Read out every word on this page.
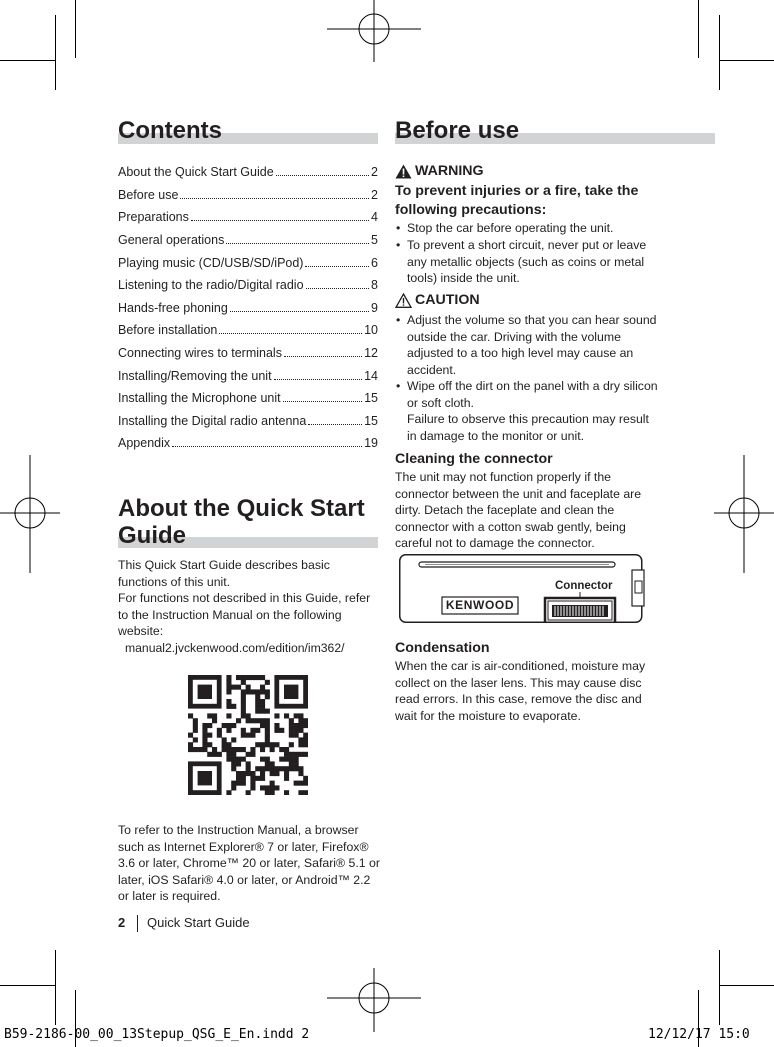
Contents
About the Quick Start Guide	2
Before use	2
Preparations	4
General operations	5
Playing music (CD/USB/SD/iPod)	6
Listening to the radio/Digital radio	8
Hands-free phoning	9
Before installation	10
Connecting wires to terminals	12
Installing/Removing the unit	14
Installing the Microphone unit	15
Installing the Digital radio antenna	15
Appendix	19
About the Quick Start
Guide

This Quick Start Guide describes basic functions of this unit.

For functions not described in this Guide, refer to the Instruction Manual on the following website:

manual2.jvckenwood.com/edition/im362/

To refer to the Instruction Manual, a browser such as Internet Explorer® 7 or later, Firefox® 3.6 or later, Chrome™ 20 or later, Safari® 5.1 or later, iOS Safari® 4.0 or later, or Android™ 2.2 or later is required.

2 Quick Start Guide
Before use
WARNING

To prevent injuries or a fire, take the following precautions:

• Stop the car before operating the unit.

• To prevent a short circuit, never put or leave any metallic objects (such as coins or metal tools) inside the unit.

CAUTION

• Adjust the volume so that you can hear sound outside the car. Driving with the volume adjusted to a too high level may cause an accident.

• Wipe off the dirt on the panel with a dry silicon or soft cloth.

Failure to observe this precaution may result in damage to the monitor or unit.

Cleaning the connector

The unit may not function properly if the connector between the unit and faceplate are dirty. Detach the faceplate and clean the connector with a cotton swab gently, being careful not to damage the connector.

Connector
KENWOOD

Condensation

When the car is air-conditioned, moisture may collect on the laser lens. This may cause disc read errors. In this case, remove the disc and wait for the moisture to evaporate.

B59-2186-00_00_13Stepup_QSG_E_En.indd 2	12/12/17 15:0
